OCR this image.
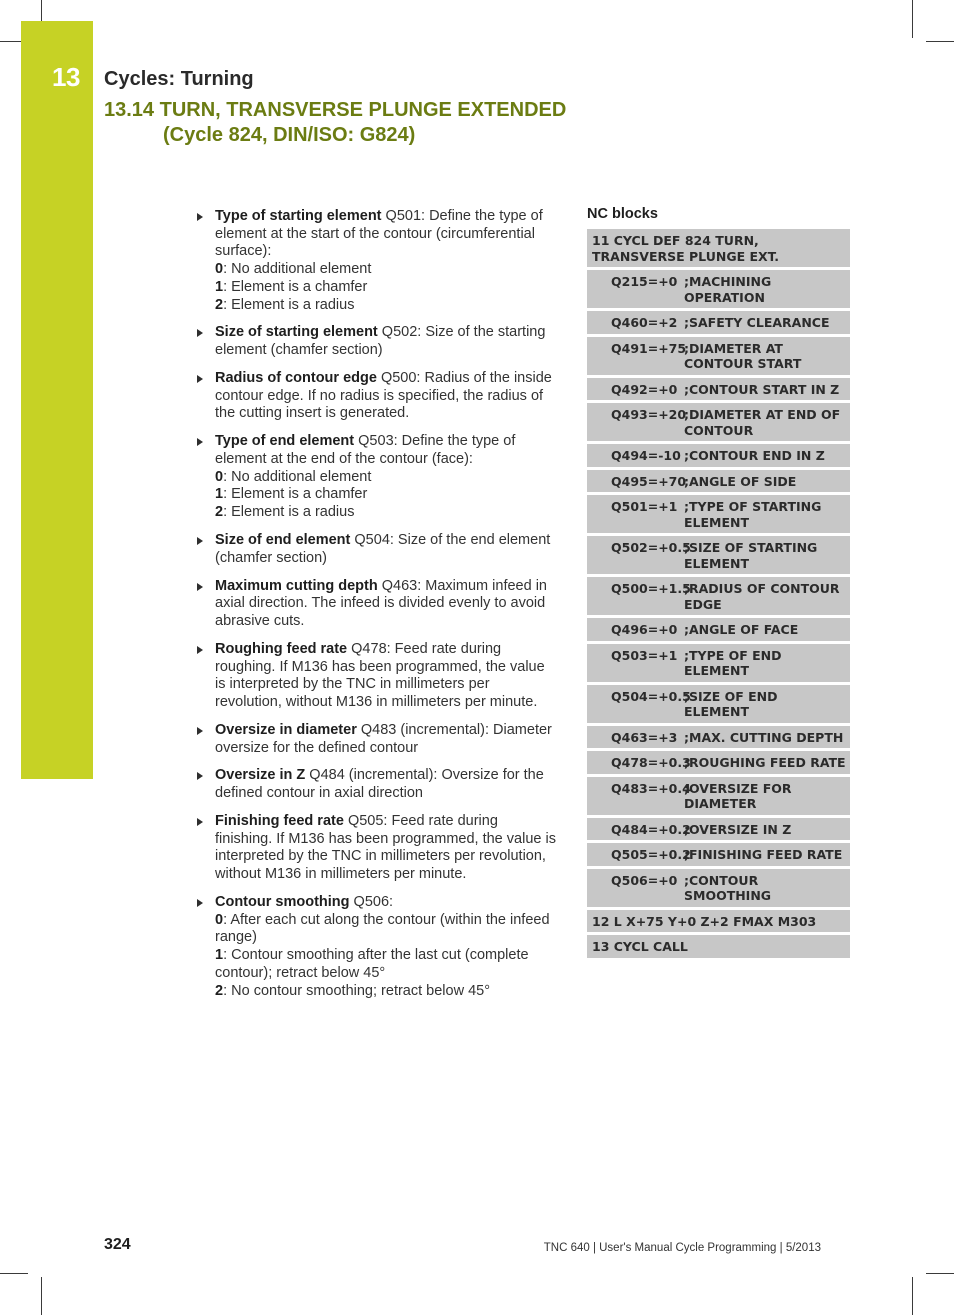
13	Cycles: Turning
13.14 TURN, TRANSVERSE PLUNGE EXTENDED
(Cycle 824, DIN/ISO: G824)
Type of starting element Q501: Define the type of element at the start of the contour (circumferential surface):
0: No additional element
1: Element is a chamfer
2: Element is a radius
Size of starting element Q502: Size of the starting element (chamfer section)
Radius of contour edge Q500: Radius of the inside contour edge. If no radius is specified, the radius of the cutting insert is generated.
Type of end element Q503: Define the type of element at the end of the contour (face):
0: No additional element
1: Element is a chamfer
2: Element is a radius
Size of end element Q504: Size of the end element (chamfer section)
Maximum cutting depth Q463: Maximum infeed in axial direction. The infeed is divided evenly to avoid abrasive cuts.
Roughing feed rate Q478: Feed rate during roughing. If M136 has been programmed, the value is interpreted by the TNC in millimeters per revolution, without M136 in millimeters per minute.
Oversize in diameter Q483 (incremental): Diameter oversize for the defined contour
Oversize in Z Q484 (incremental): Oversize for the defined contour in axial direction
Finishing feed rate Q505: Feed rate during finishing. If M136 has been programmed, the value is interpreted by the TNC in millimeters per revolution, without M136 in millimeters per minute.
Contour smoothing Q506:
0: After each cut along the contour (within the infeed range)
1: Contour smoothing after the last cut (complete contour); retract below 45°
2: No contour smoothing; retract below 45°
NC blocks
11 CYCL DEF 824 TURN, TRANSVERSE PLUNGE EXT.
Q215=+0 ;MACHINING OPERATION
Q460=+2 ;SAFETY CLEARANCE
Q491=+75
;DIAMETER AT CONTOUR START
Q492=+0 ;CONTOUR START IN Z
Q493=+20
;DIAMETER AT END OF CONTOUR
Q494=-10 ;CONTOUR END IN Z
Q495=+70
;ANGLE OF SIDE
Q501=+1 ;TYPE OF STARTING ELEMENT
Q502=+0.5
;SIZE OF STARTING ELEMENT
Q500=+1.5
;RADIUS OF CONTOUR EDGE
Q496=+0 ;ANGLE OF FACE
Q503=+1 ;TYPE OF END ELEMENT
Q504=+0.5
;SIZE OF END ELEMENT
Q463=+3 ;MAX. CUTTING DEPTH
Q478=+0.3
;ROUGHING FEED RATE
Q483=+0.4
;OVERSIZE FOR DIAMETER
Q484=+0.2
;OVERSIZE IN Z
Q505=+0.2
;FINISHING FEED RATE
Q506=+0 ;CONTOUR SMOOTHING
12 L X+75 Y+0 Z+2 FMAX M303
13 CYCL CALL
324	TNC 640 | User's Manual Cycle Programming | 5/2013
